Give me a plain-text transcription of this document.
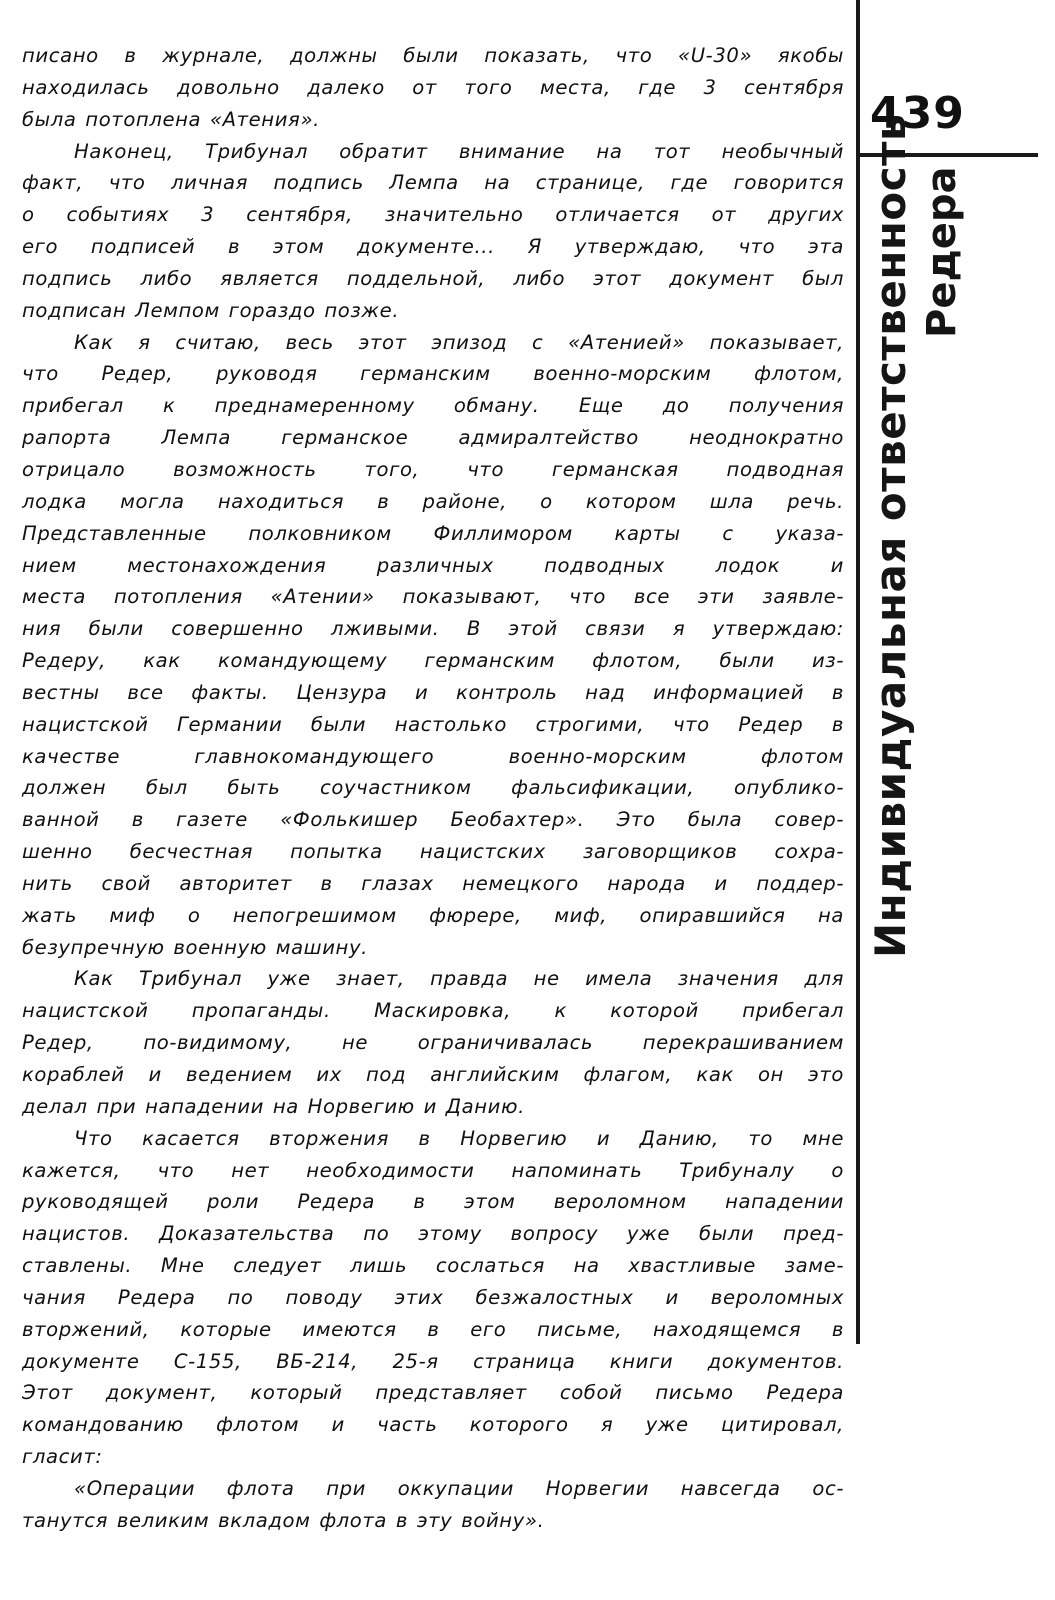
439
Индивидуальная ответственность Редера
писано в журнале, должны были показать, что «U-30» якобы
находилась довольно далеко от того места, где 3 сентября
была потоплена «Атения».
Наконец, Трибунал обратит внимание на тот необычный
факт, что личная подпись Лемпа на странице, где говорится
о событиях 3 сентября, значительно отличается от других
его подписей в этом документе... Я утверждаю, что эта
подпись либо является поддельной, либо этот документ был
подписан Лемпом гораздо позже.
Как я считаю, весь этот эпизод с «Атенией» показывает,
что Редер, руководя германским военно-морским флотом,
прибегал к преднамеренному обману. Еще до получения
рапорта Лемпа германское адмиралтейство неоднократно
отрицало возможность того, что германская подводная
лодка могла находиться в районе, о котором шла речь.
Представленные полковником Филлимором карты с указа-
нием местонахождения различных подводных лодок и
места потопления «Атении» показывают, что все эти заявле-
ния были совершенно лживыми. В этой связи я утверждаю:
Редеру, как командующему германским флотом, были из-
вестны все факты. Цензура и контроль над информацией в
нацистской Германии были настолько строгими, что Редер в
качестве главнокомандующего военно-морским флотом
должен был быть соучастником фальсификации, опублико-
ванной в газете «Фолькишер Беобахтер». Это была совер-
шенно бесчестная попытка нацистских заговорщиков сохра-
нить свой авторитет в глазах немецкого народа и поддер-
жать миф о непогрешимом фюрере, миф, опиравшийся на
безупречную военную машину.
Как Трибунал уже знает, правда не имела значения для
нацистской пропаганды. Маскировка, к которой прибегал
Редер, по-видимому, не ограничивалась перекрашиванием
кораблей и ведением их под английским флагом, как он это
делал при нападении на Норвегию и Данию.
Что касается вторжения в Норвегию и Данию, то мне
кажется, что нет необходимости напоминать Трибуналу о
руководящей роли Редера в этом вероломном нападении
нацистов. Доказательства по этому вопросу уже были пред-
ставлены. Мне следует лишь сослаться на хвастливые заме-
чания Редера по поводу этих безжалостных и вероломных
вторжений, которые имеются в его письме, находящемся в
документе С-155, ВБ-214, 25-я страница книги документов.
Этот документ, который представляет собой письмо Редера
командованию флотом и часть которого я уже цитировал,
гласит:
«Операции флота при оккупации Норвегии навсегда ос-
танутся великим вкладом флота в эту войну».
